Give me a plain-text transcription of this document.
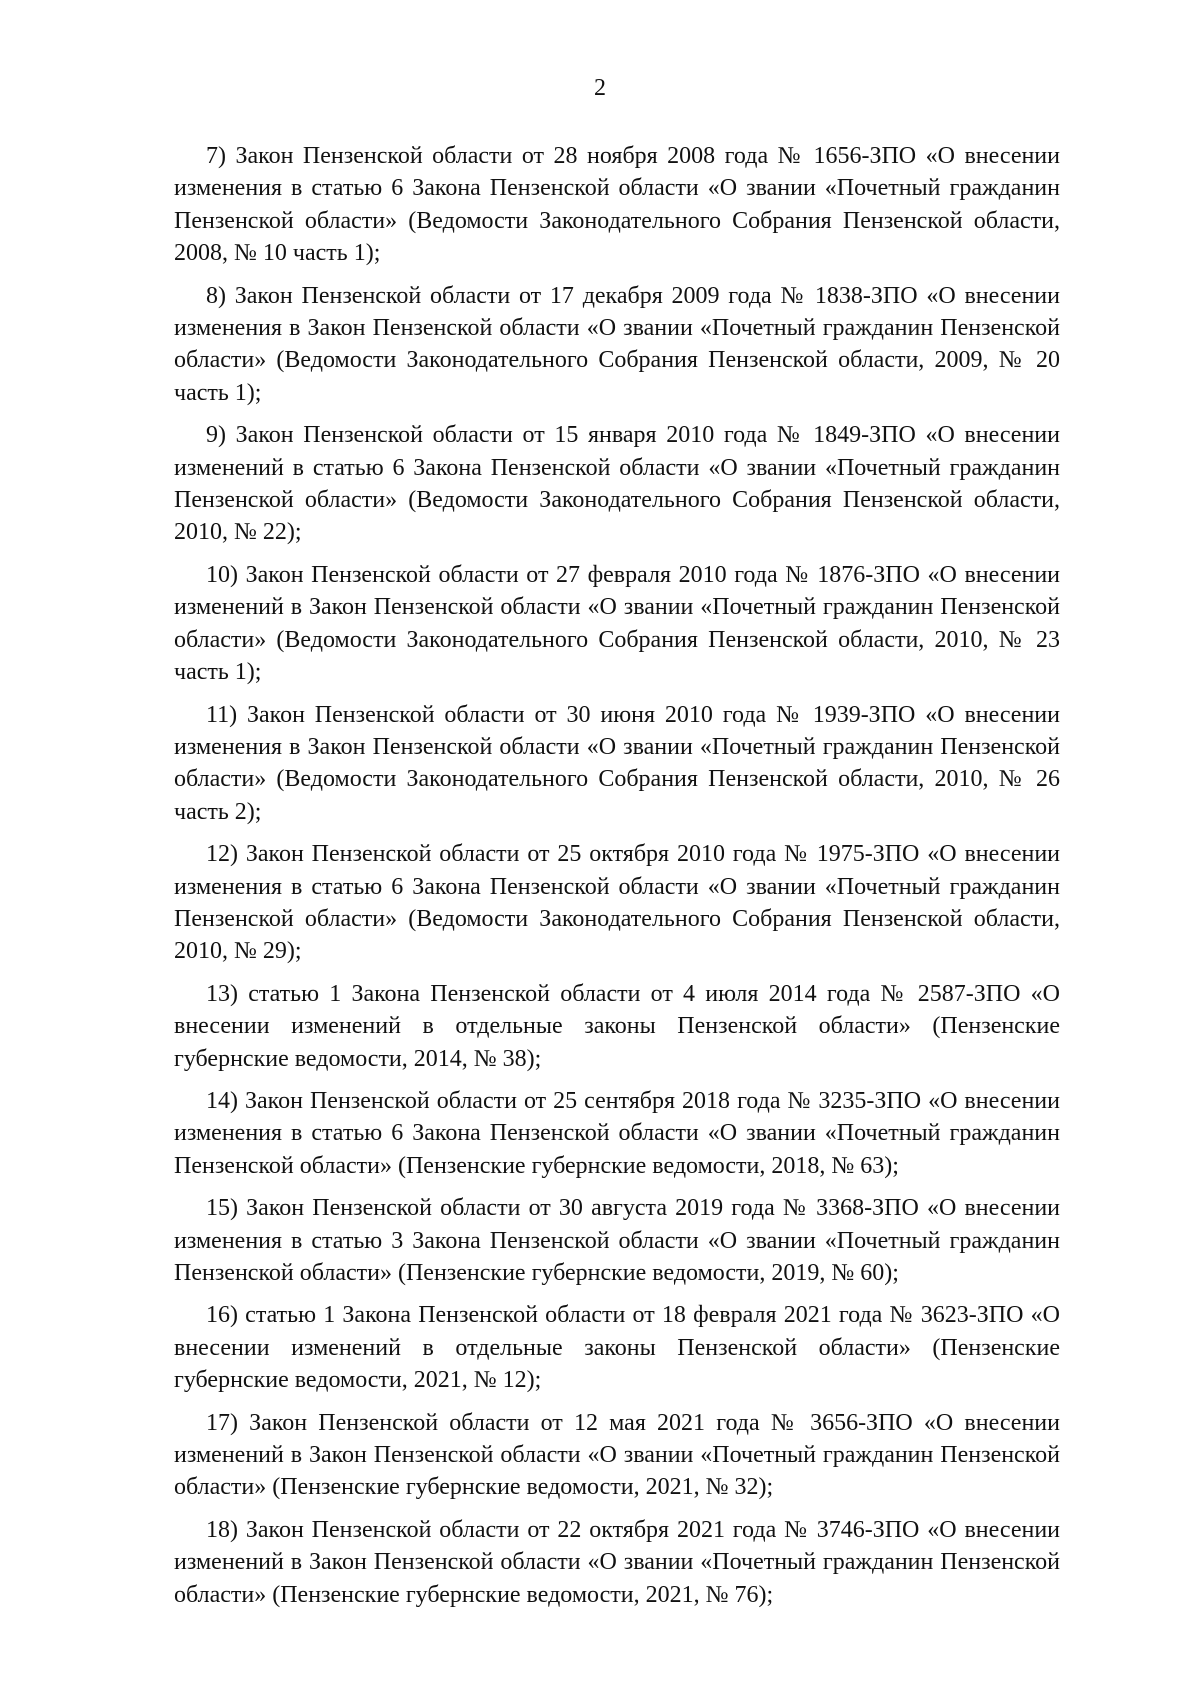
2

7) Закон Пензенской области от 28 ноября 2008 года № 1656-ЗПО «О внесении изменения в статью 6 Закона Пензенской области «О звании «Почетный гражданин Пензенской области» (Ведомости Законодательного Собрания Пензенской области, 2008, № 10 часть 1);

8) Закон Пензенской области от 17 декабря 2009 года № 1838-ЗПО «О внесении изменения в Закон Пензенской области «О звании «Почетный гражданин Пензенской области» (Ведомости Законодательного Собрания Пензенской области, 2009, № 20 часть 1);

9) Закон Пензенской области от 15 января 2010 года № 1849-ЗПО «О внесении изменений в статью 6 Закона Пензенской области «О звании «Почетный гражданин Пензенской области» (Ведомости Законодательного Собрания Пензенской области, 2010, № 22);

10) Закон Пензенской области от 27 февраля 2010 года № 1876-ЗПО «О внесении изменений в Закон Пензенской области «О звании «Почетный гражданин Пензенской области» (Ведомости Законодательного Собрания Пензенской области, 2010, № 23 часть 1);

11) Закон Пензенской области от 30 июня 2010 года № 1939-ЗПО «О внесении изменения в Закон Пензенской области «О звании «Почетный гражданин Пензенской области» (Ведомости Законодательного Собрания Пензенской области, 2010, № 26 часть 2);

12) Закон Пензенской области от 25 октября 2010 года № 1975-ЗПО «О внесении изменения в статью 6 Закона Пензенской области «О звании «Почетный гражданин Пензенской области» (Ведомости Законодательного Собрания Пензенской области, 2010, № 29);

13) статью 1 Закона Пензенской области от 4 июля 2014 года № 2587-ЗПО «О внесении изменений в отдельные законы Пензенской области» (Пензенские губернские ведомости, 2014, № 38);

14) Закон Пензенской области от 25 сентября 2018 года № 3235-ЗПО «О внесении изменения в статью 6 Закона Пензенской области «О звании «Почетный гражданин Пензенской области» (Пензенские губернские ведомости, 2018, № 63);

15) Закон Пензенской области от 30 августа 2019 года № 3368-ЗПО «О внесении изменения в статью 3 Закона Пензенской области «О звании «Почетный гражданин Пензенской области» (Пензенские губернские ведомости, 2019, № 60);

16) статью 1 Закона Пензенской области от 18 февраля 2021 года № 3623-ЗПО «О внесении изменений в отдельные законы Пензенской области» (Пензенские губернские ведомости, 2021, № 12);

17) Закон Пензенской области от 12 мая 2021 года № 3656-ЗПО «О внесении изменений в Закон Пензенской области «О звании «Почетный гражданин Пензенской области» (Пензенские губернские ведомости, 2021, № 32);

18) Закон Пензенской области от 22 октября 2021 года № 3746-ЗПО «О внесении изменений в Закон Пензенской области «О звании «Почетный гражданин Пензенской области» (Пензенские губернские ведомости, 2021, № 76);
